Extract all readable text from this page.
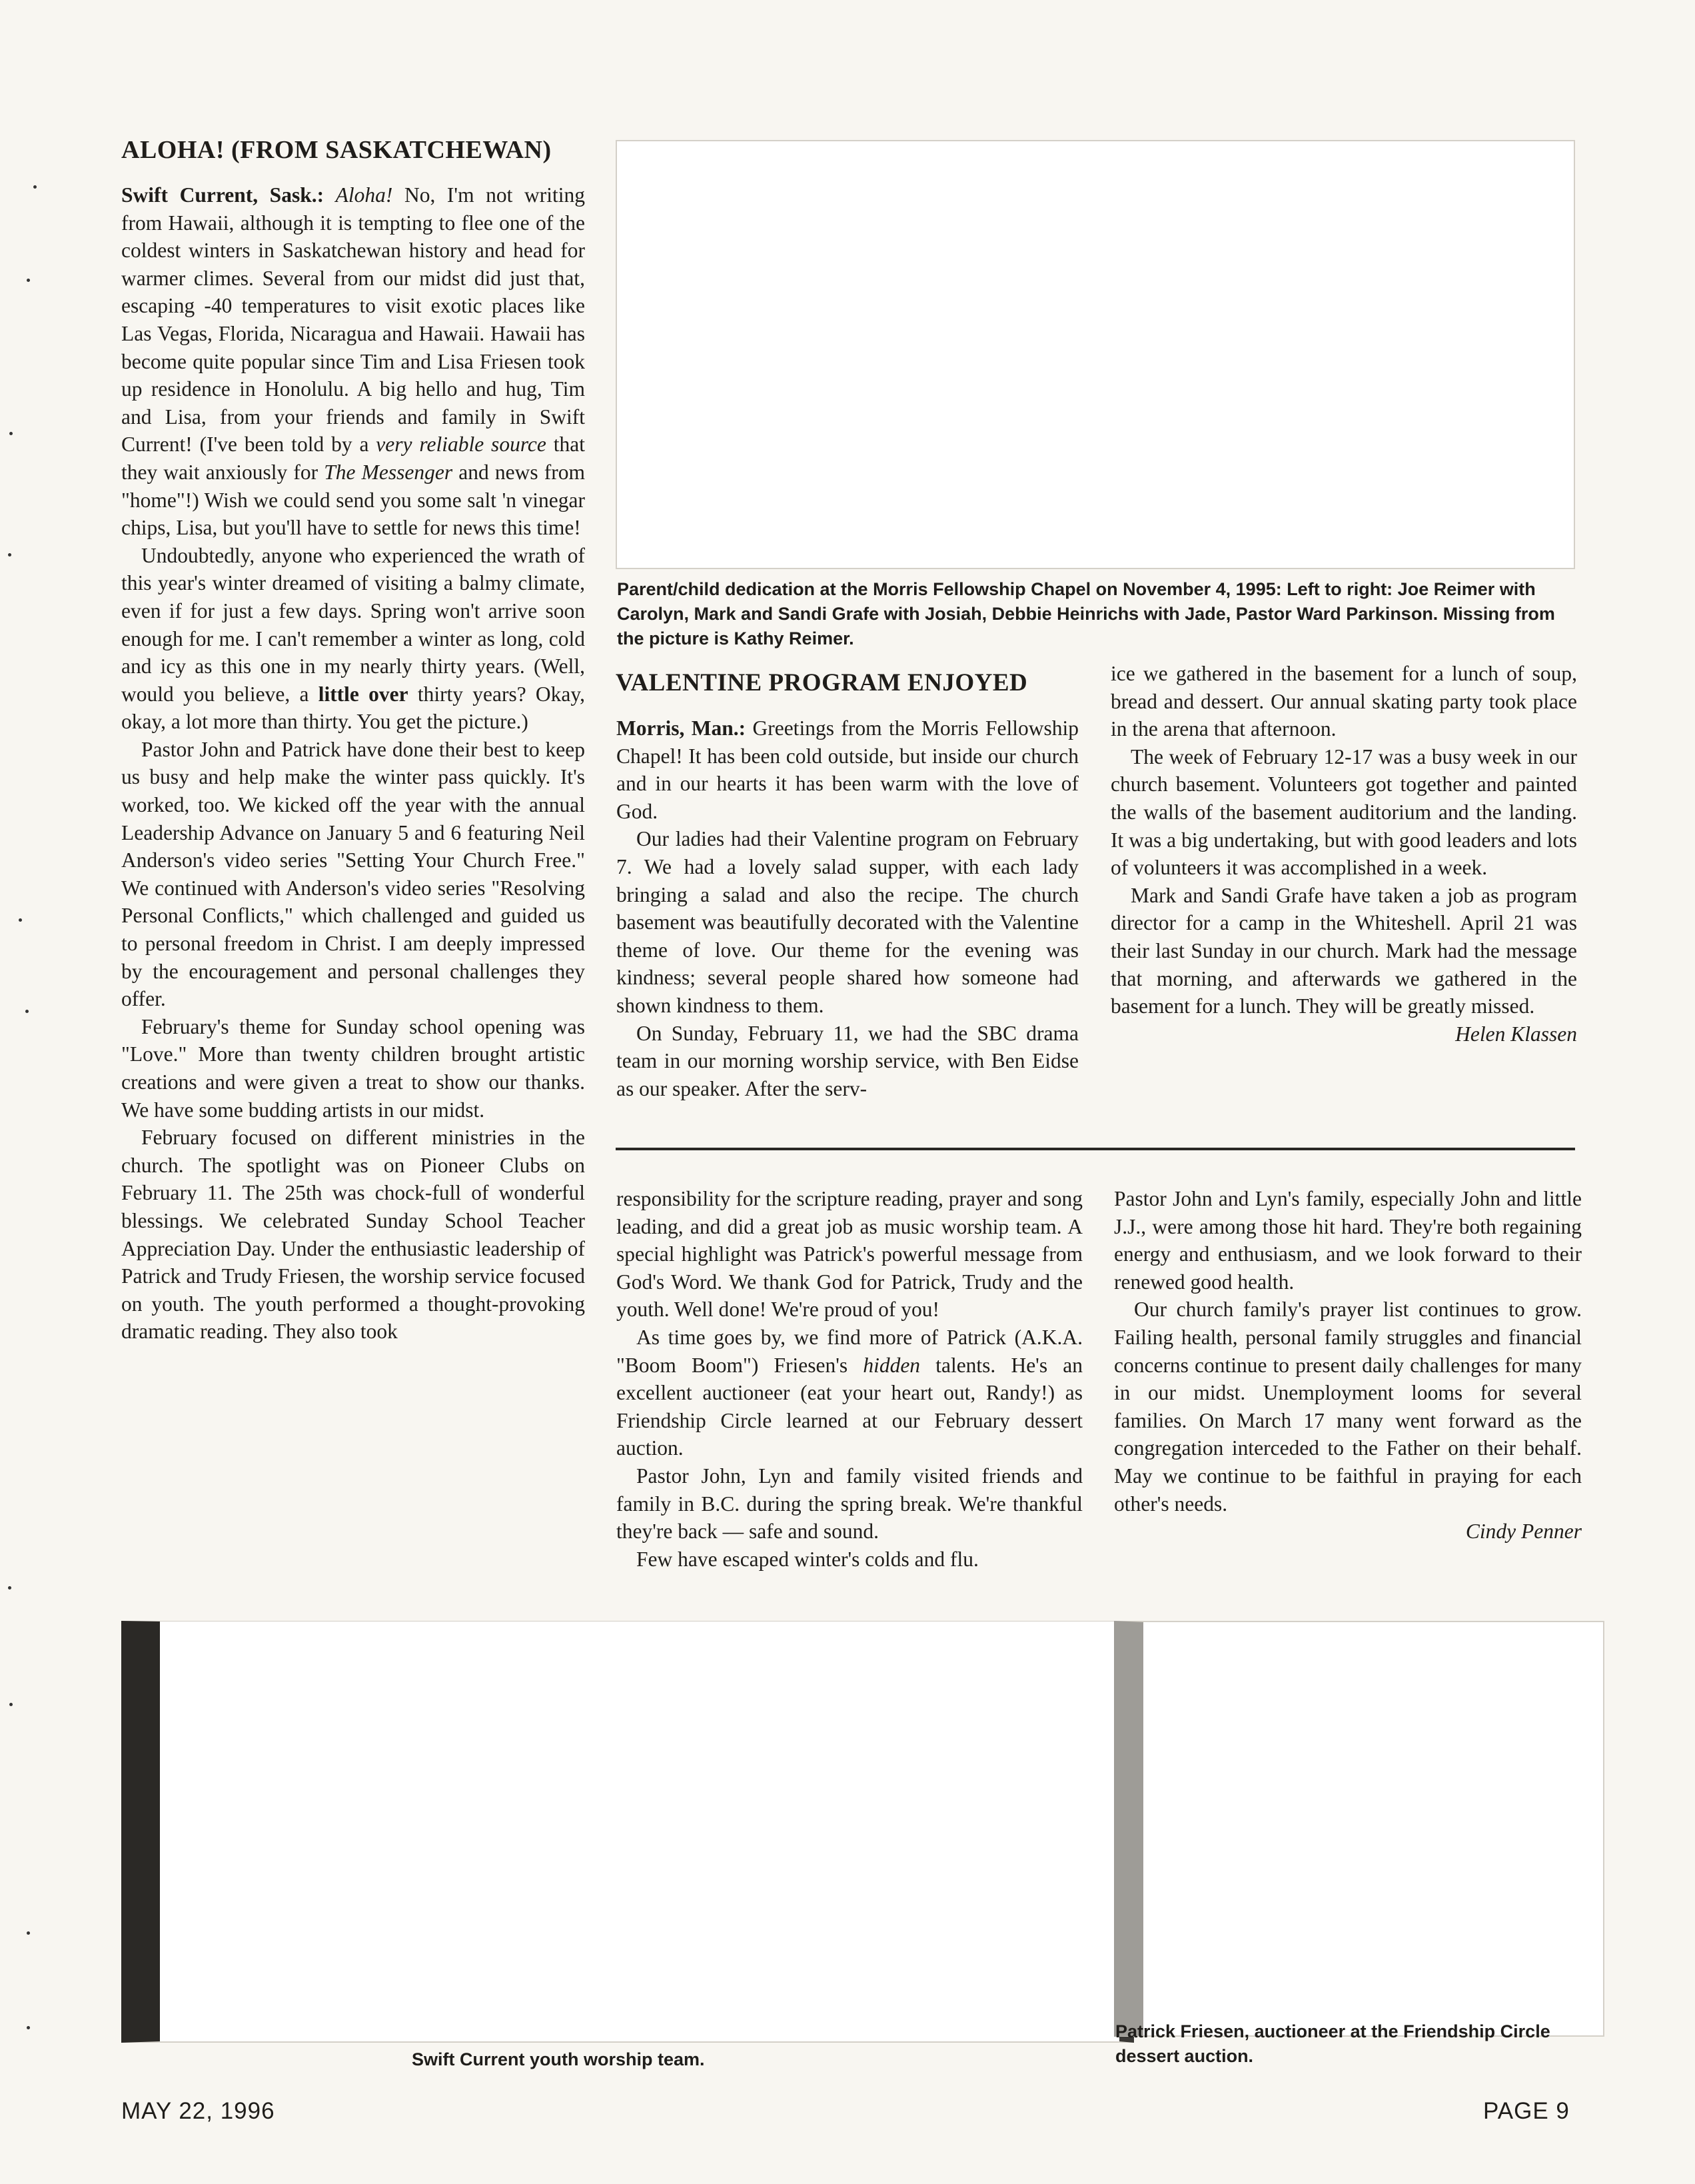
ALOHA! (FROM SASKATCHEWAN)

Swift Current, Sask.: Aloha! No, I'm not writing from Hawaii, although it is tempting to flee one of the coldest winters in Saskatchewan history and head for warmer climes. Several from our midst did just that, escaping -40 temperatures to visit exotic places like Las Vegas, Florida, Nicaragua and Hawaii. Hawaii has become quite popular since Tim and Lisa Friesen took up residence in Honolulu. A big hello and hug, Tim and Lisa, from your friends and family in Swift Current! (I've been told by a very reliable source that they wait anxiously for The Messenger and news from "home"!) Wish we could send you some salt 'n vinegar chips, Lisa, but you'll have to settle for news this time!

Undoubtedly, anyone who experienced the wrath of this year's winter dreamed of visiting a balmy climate, even if for just a few days. Spring won't arrive soon enough for me. I can't remember a winter as long, cold and icy as this one in my nearly thirty years. (Well, would you believe, a little over thirty years? Okay, okay, a lot more than thirty. You get the picture.)

Pastor John and Patrick have done their best to keep us busy and help make the winter pass quickly. It's worked, too. We kicked off the year with the annual Leadership Advance on January 5 and 6 featuring Neil Anderson's video series "Setting Your Church Free." We continued with Anderson's video series "Resolving Personal Conflicts," which challenged and guided us to personal freedom in Christ. I am deeply impressed by the encouragement and personal challenges they offer.

February's theme for Sunday school opening was "Love." More than twenty children brought artistic creations and were given a treat to show our thanks. We have some budding artists in our midst.

February focused on different ministries in the church. The spotlight was on Pioneer Clubs on February 11. The 25th was chock-full of wonderful blessings. We celebrated Sunday School Teacher Appreciation Day. Under the enthusiastic leadership of Patrick and Trudy Friesen, the worship service focused on youth. The youth performed a thought-provoking dramatic reading. They also took

responsibility for the scripture reading, prayer and song leading, and did a great job as music worship team. A special highlight was Patrick's powerful message from God's Word. We thank God for Patrick, Trudy and the youth. Well done! We're proud of you!

As time goes by, we find more of Patrick (A.K.A. "Boom Boom") Friesen's hidden talents. He's an excellent auctioneer (eat your heart out, Randy!) as Friendship Circle learned at our February dessert auction.

Pastor John, Lyn and family visited friends and family in B.C. during the spring break. We're thankful they're back — safe and sound.

Few have escaped winter's colds and flu.

Pastor John and Lyn's family, especially John and little J.J., were among those hit hard. They're both regaining energy and enthusiasm, and we look forward to their renewed good health.

Our church family's prayer list continues to grow. Failing health, personal family struggles and financial concerns continue to present daily challenges for many in our midst. Unemployment looms for several families. On March 17 many went forward as the congregation interceded to the Father on their behalf. May we continue to be faithful in praying for each other's needs.

Cindy Penner

Parent/child dedication at the Morris Fellowship Chapel on November 4, 1995: Left to right: Joe Reimer with Carolyn, Mark and Sandi Grafe with Josiah, Debbie Heinrichs with Jade, Pastor Ward Parkinson. Missing from the picture is Kathy Reimer.
VALENTINE PROGRAM ENJOYED

Morris, Man.: Greetings from the Morris Fellowship Chapel! It has been cold outside, but inside our church and in our hearts it has been warm with the love of God.

Our ladies had their Valentine program on February 7. We had a lovely salad supper, with each lady bringing a salad and also the recipe. The church basement was beautifully decorated with the Valentine theme of love. Our theme for the evening was kindness; several people shared how someone had shown kindness to them.

On Sunday, February 11, we had the SBC drama team in our morning worship service, with Ben Eidse as our speaker. After the serv-

ice we gathered in the basement for a lunch of soup, bread and dessert. Our annual skating party took place in the arena that afternoon.

The week of February 12-17 was a busy week in our church basement. Volunteers got together and painted the walls of the basement auditorium and the landing. It was a big undertaking, but with good leaders and lots of volunteers it was accomplished in a week.

Mark and Sandi Grafe have taken a job as program director for a camp in the Whiteshell. April 21 was their last Sunday in our church. Mark had the message that morning, and afterwards we gathered in the basement for a lunch. They will be greatly missed.

Helen Klassen

Swift Current youth worship team.
Patrick Friesen, auctioneer at the Friendship Circle dessert auction.
MAY 22, 1996	PAGE 9
